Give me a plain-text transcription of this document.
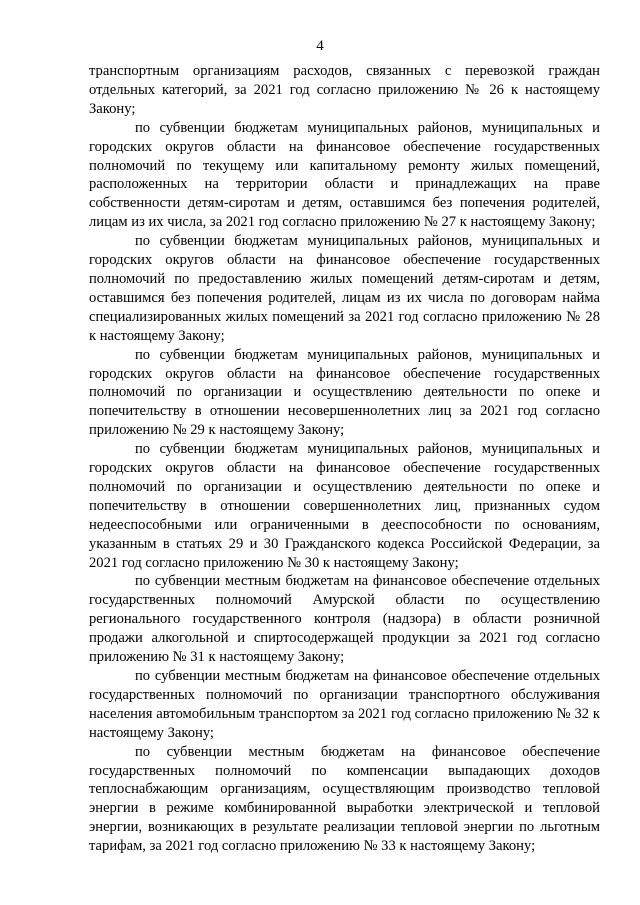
4

транспортным организациям расходов, связанных с перевозкой граждан отдельных категорий, за 2021 год согласно приложению № 26 к настоящему Закону;

по субвенции бюджетам муниципальных районов, муниципальных и городских округов области на финансовое обеспечение государственных полномочий по текущему или капитальному ремонту жилых помещений, расположенных на территории области и принадлежащих на праве собственности детям-сиротам и детям, оставшимся без попечения родителей, лицам из их числа, за 2021 год согласно приложению № 27 к настоящему Закону;

по субвенции бюджетам муниципальных районов, муниципальных и городских округов области на финансовое обеспечение государственных полномочий по предоставлению жилых помещений детям-сиротам и детям, оставшимся без попечения родителей, лицам из их числа по договорам найма специализированных жилых помещений за 2021 год согласно приложению № 28 к настоящему Закону;

по субвенции бюджетам муниципальных районов, муниципальных и городских округов области на финансовое обеспечение государственных полномочий по организации и осуществлению деятельности по опеке и попечительству в отношении несовершеннолетних лиц за 2021 год согласно приложению № 29 к настоящему Закону;

по субвенции бюджетам муниципальных районов, муниципальных и городских округов области на финансовое обеспечение государственных полномочий по организации и осуществлению деятельности по опеке и попечительству в отношении совершеннолетних лиц, признанных судом недееспособными или ограниченными в дееспособности по основаниям, указанным в статьях 29 и 30 Гражданского кодекса Российской Федерации, за 2021 год согласно приложению № 30 к настоящему Закону;

по субвенции местным бюджетам на финансовое обеспечение отдельных государственных полномочий Амурской области по осуществлению регионального государственного контроля (надзора) в области розничной продажи алкогольной и спиртосодержащей продукции за 2021 год согласно приложению № 31 к настоящему Закону;

по субвенции местным бюджетам на финансовое обеспечение отдельных государственных полномочий по организации транспортного обслуживания населения автомобильным транспортом за 2021 год согласно приложению № 32 к настоящему Закону;

по субвенции местным бюджетам на финансовое обеспечение государственных полномочий по компенсации выпадающих доходов теплоснабжающим организациям, осуществляющим производство тепловой энергии в режиме комбинированной выработки электрической и тепловой энергии, возникающих в результате реализации тепловой энергии по льготным тарифам, за 2021 год согласно приложению № 33 к настоящему Закону;
